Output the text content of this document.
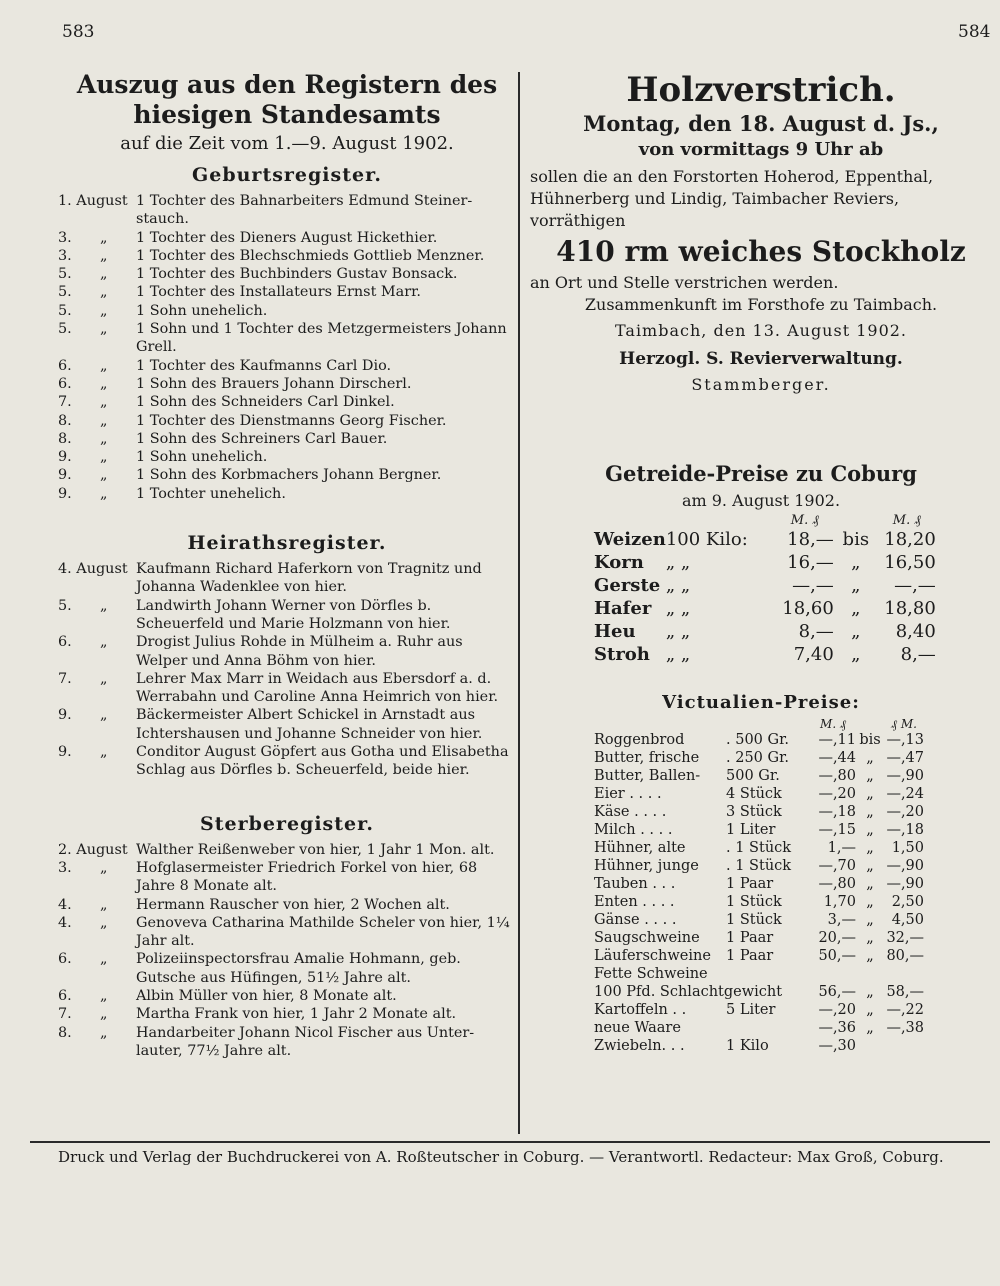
583	584
Auszug aus den Registern des hiesigen Standesamts
auf die Zeit vom 1.—9. August 1902.
Geburtsregister.
1. August 1 Tochter des Bahnarbeiters Edmund Steiner-stauch.
3. „	1 Tochter des Dieners August Hickethier.
3. „	1 Tochter des Blechschmieds Gottlieb Menzner.
5. „	1 Tochter des Buchbinders Gustav Bonsack.
5. „	1 Tochter des Installateurs Ernst Marr.
5. „	1 Sohn unehelich.
5. „	1 Sohn und 1 Tochter des Metzgermeisters Johann Grell.
6. „	1 Tochter des Kaufmanns Carl Dio.
6. „	1 Sohn des Brauers Johann Dirscherl.
7. „	1 Sohn des Schneiders Carl Dinkel.
8. „	1 Tochter des Dienstmanns Georg Fischer.
8. „	1 Sohn des Schreiners Carl Bauer.
9. „	1 Sohn unehelich.
9. „	1 Sohn des Korbmachers Johann Bergner.
9. „	1 Tochter unehelich.
Heirathsregister.
4. August Kaufmann Richard Haferkorn von Tragnitz und Johanna Wadenklee von hier.
5. „	Landwirth Johann Werner von Dörfles b. Scheuerfeld und Marie Holzmann von hier.
6. „	Drogist Julius Rohde in Mülheim a. Ruhr aus Welper und Anna Böhm von hier.
7. „	Lehrer Max Marr in Weidach aus Ebersdorf a. d. Werrabahn und Caroline Anna Heimrich von hier.
9. „	Bäckermeister Albert Schickel in Arnstadt aus Ichtershausen und Johanne Schneider von hier.
9. „	Conditor August Göpfert aus Gotha und Elisabetha Schlag aus Dörfles b. Scheuerfeld, beide hier.
Sterberegister.
2. August Walther Reißenweber von hier, 1 Jahr 1 Mon. alt.
3. „	Hofglasermeister Friedrich Forkel von hier, 68 Jahre 8 Monate alt.
4. „	Hermann Rauscher von hier, 2 Wochen alt.
4. „	Genoveva Catharina Mathilde Scheler von hier, 1¼ Jahr alt.
6. „	Polizeiinspectorsfrau Amalie Hohmann, geb. Gutsche aus Hüfingen, 51½ Jahre alt.
6. „	Albin Müller von hier, 8 Monate alt.
7. „	Martha Frank von hier, 1 Jahr 2 Monate alt.
8. „	Handarbeiter Johann Nicol Fischer aus Unter-lauter, 77½ Jahre alt.
Holzverstrich.
Montag, den 18. August d. Js.,
von vormittags 9 Uhr ab
sollen die an den Forstorten Hoherod, Eppenthal, Hühnerberg und Lindig, Taimbacher Reviers, vorräthigen
410 rm weiches Stockholz
an Ort und Stelle verstrichen werden.
Zusammenkunft im Forsthofe zu Taimbach.
Taimbach, den 13. August 1902.
Herzogl. S. Revierverwaltung.
Stammberger.
Getreide-Preise zu Coburg
am 9. August 1902.
		M. ₰		M. ₰
Weizen	100 Kilo:	18,—	bis	18,20
Korn	„ „	16,—	„	16,50
Gerste	„ „	—,—	„	—,—
Hafer	„ „	18,60	„	18,80
Heu	„ „	8,—	„	8,40
Stroh	„ „	7,40	„	8,—
Victualien-Preise:
		M. ₰		₰ M.
Roggenbrod	. 500 Gr.	—,11	bis	—,13
Butter, frische	. 250 Gr.	—,44	„	—,47
Butter, Ballen-	500 Gr.	—,80	„	—,90
Eier . . . .	4 Stück	—,20	„	—,24
Käse . . . .	3 Stück	—,18	„	—,20
Milch . . . .	1 Liter	—,15	„	—,18
Hühner, alte	. 1 Stück	1,—	„	1,50
Hühner, junge	. 1 Stück	—,70	„	—,90
Tauben . . .	1 Paar	—,80	„	—,90
Enten . . . .	1 Stück	1,70	„	2,50
Gänse . . . .	1 Stück	3,—	„	4,50
Saugschweine	1 Paar	20,—	„	32,—
Läuferschweine	1 Paar	50,—	„	80,—
Fette Schweine				
100 Pfd. Schlachtgewicht		56,—	„	58,—
Kartoffeln . .	5 Liter	—,20	„	—,22
neue Waare		—,36	„	—,38
Zwiebeln. . .	1 Kilo	—,30		
Druck und Verlag der Buchdruckerei von A. Roßteutscher in Coburg. — Verantwortl. Redacteur: Max Groß, Coburg.
